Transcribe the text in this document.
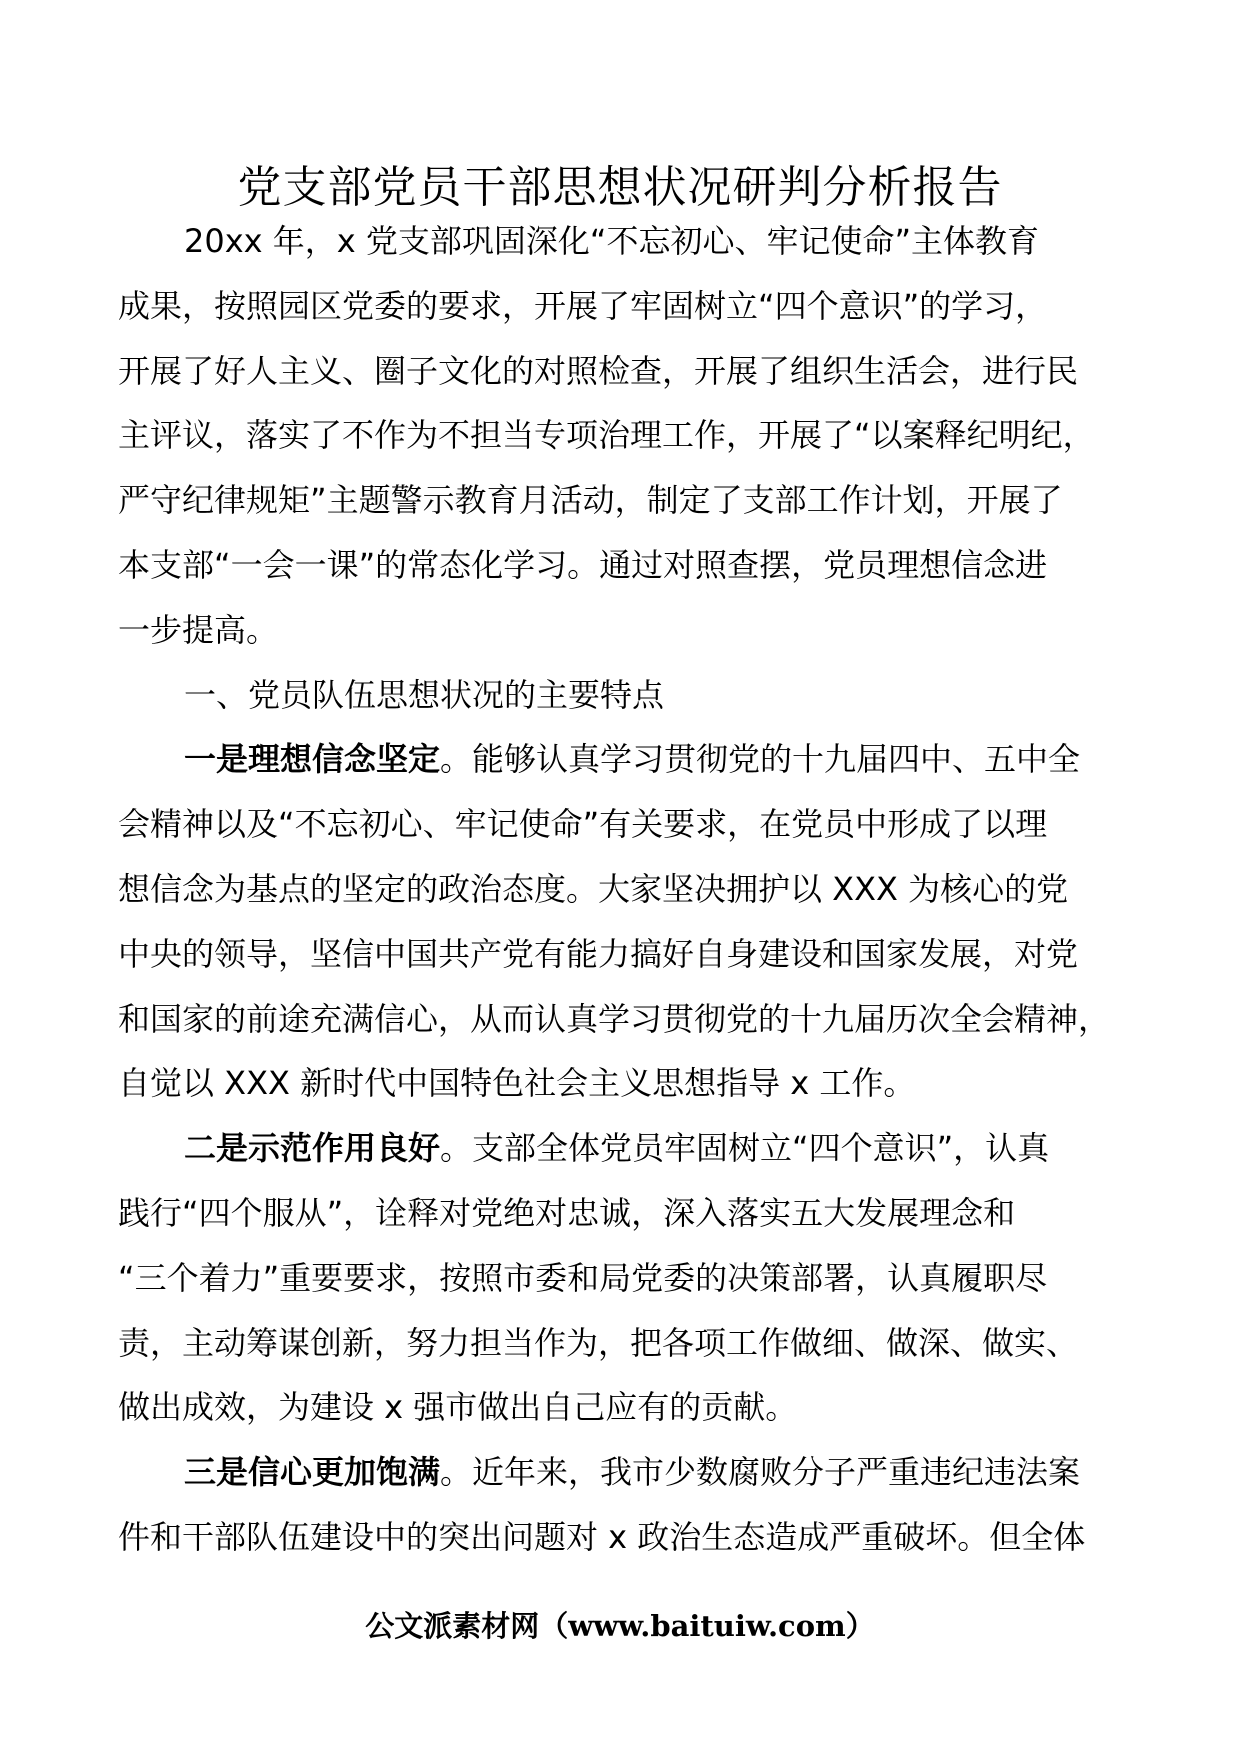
党支部党员干部思想状况研判分析报告
20xx 年，x 党支部巩固深化“不忘初心、牢记使命”主体教育
成果，按照园区党委的要求，开展了牢固树立“四个意识”的学习，
开展了好人主义、圈子文化的对照检查，开展了组织生活会，进行民
主评议，落实了不作为不担当专项治理工作，开展了“以案释纪明纪，
严守纪律规矩”主题警示教育月活动，制定了支部工作计划，开展了
本支部“一会一课”的常态化学习。通过对照查摆，党员理想信念进
一步提高。
一、党员队伍思想状况的主要特点
一是理想信念坚定。能够认真学习贯彻党的十九届四中、五中全
会精神以及“不忘初心、牢记使命”有关要求，在党员中形成了以理
想信念为基点的坚定的政治态度。大家坚决拥护以 XXX 为核心的党
中央的领导，坚信中国共产党有能力搞好自身建设和国家发展，对党
和国家的前途充满信心，从而认真学习贯彻党的十九届历次全会精神，
自觉以 XXX 新时代中国特色社会主义思想指导 x 工作。
二是示范作用良好。支部全体党员牢固树立“四个意识”，认真
践行“四个服从”，诠释对党绝对忠诚，深入落实五大发展理念和
“三个着力”重要要求，按照市委和局党委的决策部署，认真履职尽
责，主动筹谋创新，努力担当作为，把各项工作做细、做深、做实、
做出成效，为建设 x 强市做出自己应有的贡献。
三是信心更加饱满。近年来，我市少数腐败分子严重违纪违法案
件和干部队伍建设中的突出问题对 x 政治生态造成严重破坏。但全体
公文派素材网（www.baituiw.com）
